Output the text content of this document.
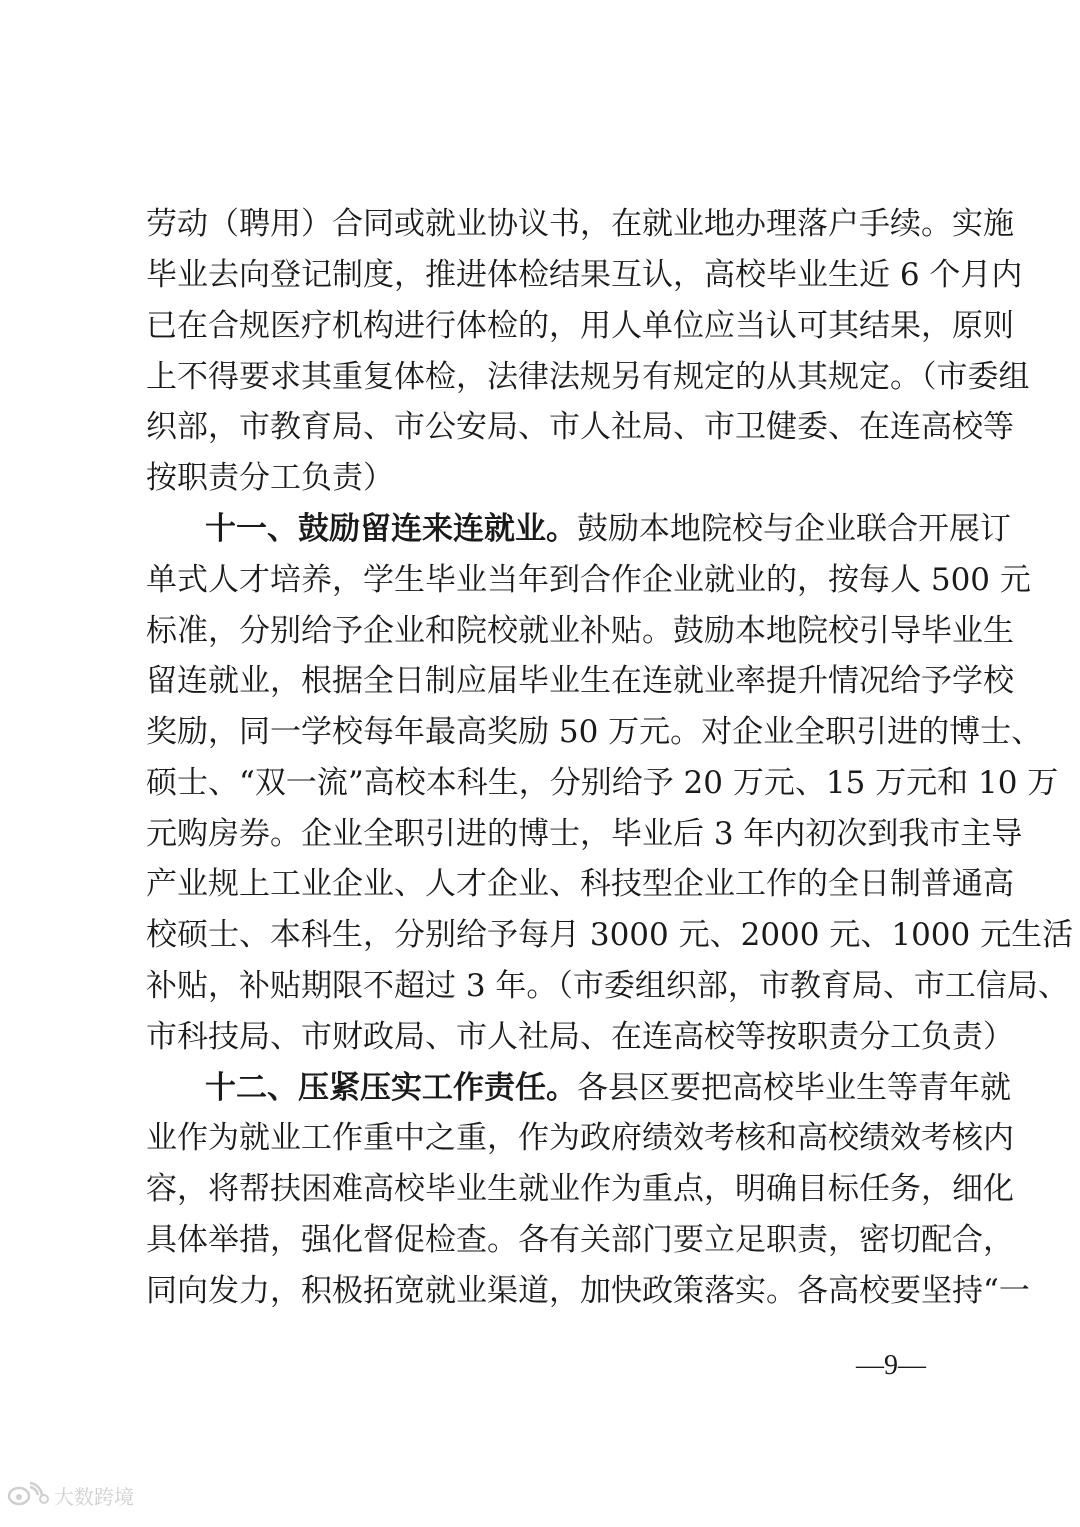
劳动（聘用）合同或就业协议书，在就业地办理落户手续。实施
毕业去向登记制度，推进体检结果互认，高校毕业生近 6 个月内
已在合规医疗机构进行体检的，用人单位应当认可其结果，原则
上不得要求其重复体检，法律法规另有规定的从其规定。（市委组
织部，市教育局、市公安局、市人社局、市卫健委、在连高校等
按职责分工负责）
十一、鼓励留连来连就业。鼓励本地院校与企业联合开展订
单式人才培养，学生毕业当年到合作企业就业的，按每人 500 元
标准，分别给予企业和院校就业补贴。鼓励本地院校引导毕业生
留连就业，根据全日制应届毕业生在连就业率提升情况给予学校
奖励，同一学校每年最高奖励 50 万元。对企业全职引进的博士、
硕士、“双一流”高校本科生，分别给予 20 万元、15 万元和 10 万
元购房券。企业全职引进的博士，毕业后 3 年内初次到我市主导
产业规上工业企业、人才企业、科技型企业工作的全日制普通高
校硕士、本科生，分别给予每月 3000 元、2000 元、1000 元生活
补贴，补贴期限不超过 3 年。（市委组织部，市教育局、市工信局、
市科技局、市财政局、市人社局、在连高校等按职责分工负责）
十二、压紧压实工作责任。各县区要把高校毕业生等青年就
业作为就业工作重中之重，作为政府绩效考核和高校绩效考核内
容，将帮扶困难高校毕业生就业作为重点，明确目标任务，细化
具体举措，强化督促检查。各有关部门要立足职责，密切配合，
同向发力，积极拓宽就业渠道，加快政策落实。各高校要坚持“一
—9—
大数跨境
